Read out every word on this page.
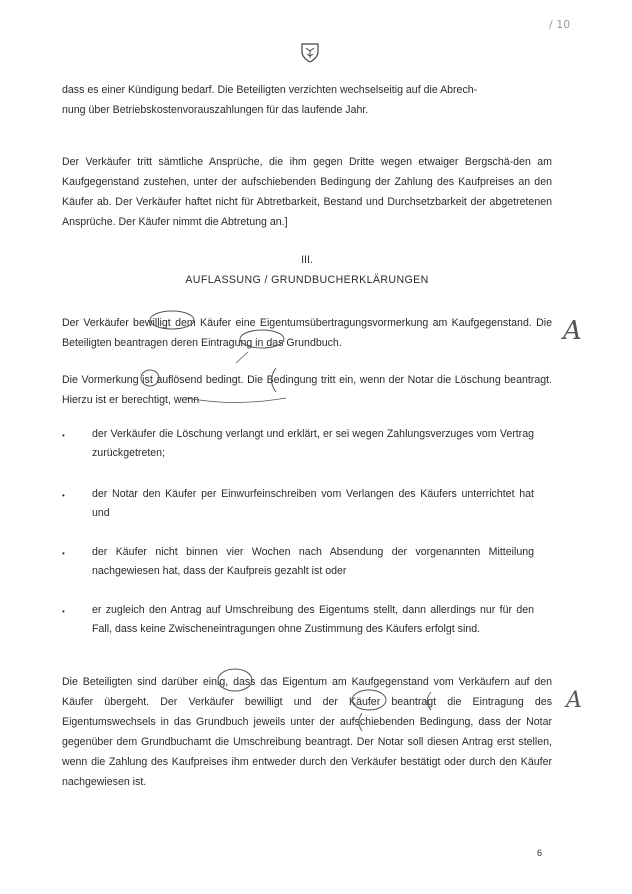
/ 10

dass es einer Kündigung bedarf. Die Beteiligten verzichten wechselseitig auf die Abrech-

nung über Betriebskostenvorauszahlungen für das laufende Jahr.

Der Verkäufer tritt sämtliche Ansprüche, die ihm gegen Dritte wegen etwaiger Bergschä-den am Kaufgegenstand zustehen, unter der aufschiebenden Bedingung der Zahlung des Kaufpreises an den Käufer ab. Der Verkäufer haftet nicht für Abtretbarkeit, Bestand und Durchsetzbarkeit der abgetretenen Ansprüche. Der Käufer nimmt die Abtretung an.]

III.

AUFLASSUNG / GRUNDBUCHERKLÄRUNGEN

Der Verkäufer bewilligt dem Käufer eine Eigentumsübertragungsvormerkung am Kaufgegenstand. Die Beteiligten beantragen deren Eintragung in das Grundbuch.

Die Vormerkung ist auflösend bedingt. Die Bedingung tritt ein, wenn der Notar die Löschung beantragt. Hierzu ist er berechtigt, wenn

•	der Verkäufer die Löschung verlangt und erklärt, er sei wegen Zahlungsverzuges vom Vertrag zurückgetreten;

•	der Notar den Käufer per Einwurfeinschreiben vom Verlangen des Käufers unterrichtet hat und

•	der Käufer nicht binnen vier Wochen nach Absendung der vorgenannten Mitteilung nachgewiesen hat, dass der Kaufpreis gezahlt ist oder

•	er zugleich den Antrag auf Umschreibung des Eigentums stellt, dann allerdings nur für den Fall, dass keine Zwischeneintragungen ohne Zustimmung des Käufers erfolgt sind.

Die Beteiligten sind darüber einig, dass das Eigentum am Kaufgegenstand vom Verkäufern auf den Käufer übergeht. Der Verkäufer bewilligt und der Käufer beantragt die Eintragung des Eigentumswechsels in das Grundbuch jeweils unter der aufschiebenden Bedingung, dass der Notar gegenüber dem Grundbuchamt die Umschreibung beantragt. Der Notar soll diesen Antrag erst stellen, wenn die Zahlung des Kaufpreises ihm entweder durch den Verkäufer bestätigt oder durch den Käufer nachgewiesen ist.

A
A
6
